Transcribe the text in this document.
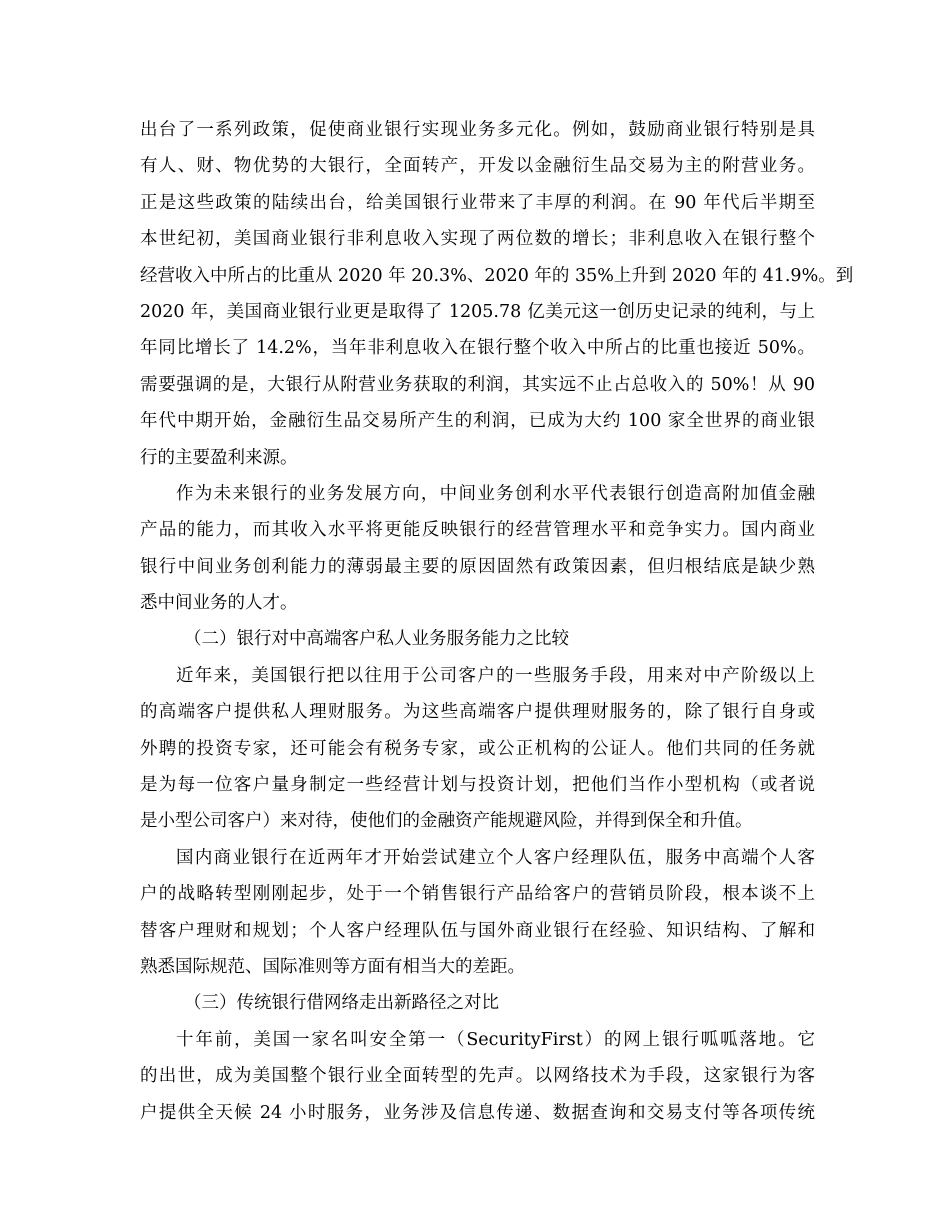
出台了一系列政策，促使商业银行实现业务多元化。例如，鼓励商业银行特别是具
有人、财、物优势的大银行，全面转产，开发以金融衍生品交易为主的附营业务。
正是这些政策的陆续出台，给美国银行业带来了丰厚的利润。在 90 年代后半期至
本世纪初，美国商业银行非利息收入实现了两位数的增长；非利息收入在银行整个
经营收入中所占的比重从 2020 年 20.3%、2020 年的 35%上升到 2020 年的 41.9%。到
2020 年，美国商业银行业更是取得了 1205.78 亿美元这一创历史记录的纯利，与上
年同比增长了 14.2%，当年非利息收入在银行整个收入中所占的比重也接近 50%。
需要强调的是，大银行从附营业务获取的利润，其实远不止占总收入的 50%！从 90
年代中期开始，金融衍生品交易所产生的利润，已成为大约 100 家全世界的商业银
行的主要盈利来源。
作为未来银行的业务发展方向，中间业务创利水平代表银行创造高附加值金融
产品的能力，而其收入水平将更能反映银行的经营管理水平和竞争实力。国内商业
银行中间业务创利能力的薄弱最主要的原因固然有政策因素，但归根结底是缺少熟
悉中间业务的人才。
（二）银行对中高端客户私人业务服务能力之比较
近年来，美国银行把以往用于公司客户的一些服务手段，用来对中产阶级以上
的高端客户提供私人理财服务。为这些高端客户提供理财服务的，除了银行自身或
外聘的投资专家，还可能会有税务专家，或公正机构的公证人。他们共同的任务就
是为每一位客户量身制定一些经营计划与投资计划，把他们当作小型机构（或者说
是小型公司客户）来对待，使他们的金融资产能规避风险，并得到保全和升值。
国内商业银行在近两年才开始尝试建立个人客户经理队伍，服务中高端个人客
户的战略转型刚刚起步，处于一个销售银行产品给客户的营销员阶段，根本谈不上
替客户理财和规划；个人客户经理队伍与国外商业银行在经验、知识结构、了解和
熟悉国际规范、国际准则等方面有相当大的差距。
（三）传统银行借网络走出新路径之对比
十年前，美国一家名叫安全第一（SecurityFirst）的网上银行呱呱落地。它
的出世，成为美国整个银行业全面转型的先声。以网络技术为手段，这家银行为客
户提供全天候 24 小时服务，业务涉及信息传递、数据查询和交易支付等各项传统
